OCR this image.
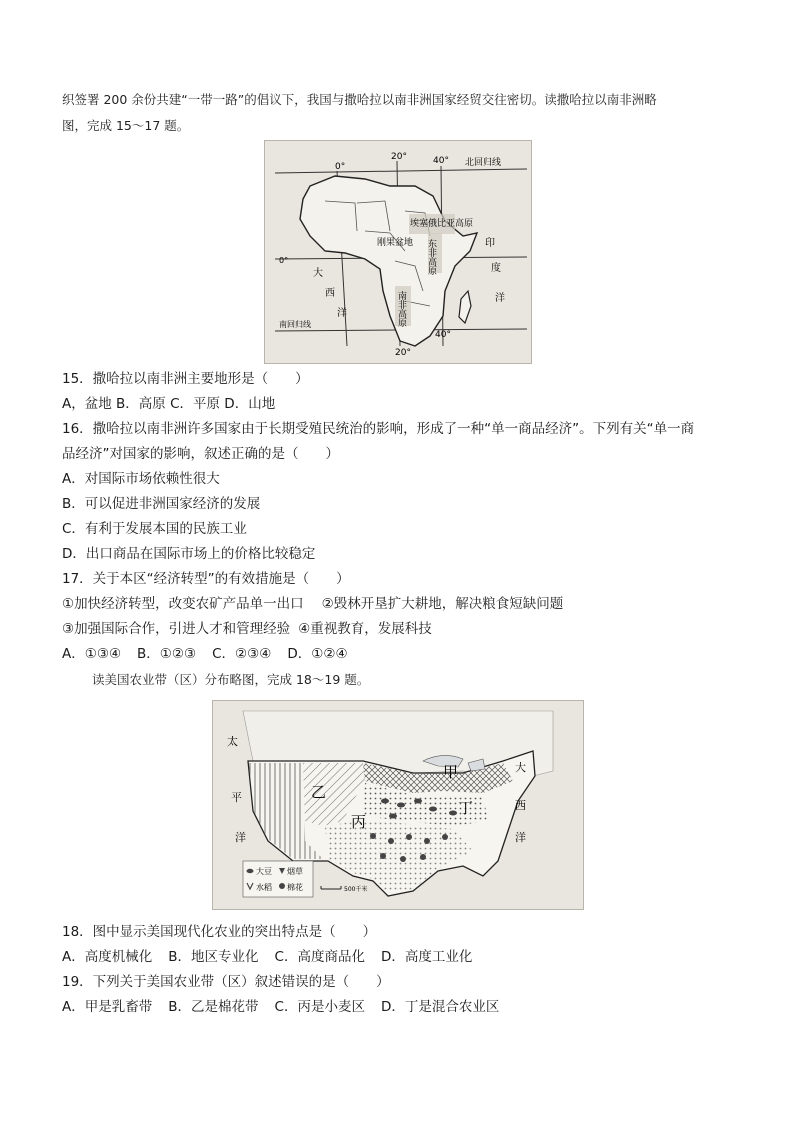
织签署 200 余份共建“一带一路”的倡议下，我国与撒哈拉以南非洲国家经贸交往密切。读撒哈拉以南非洲略
图，完成 15～17 题。
0°
20°	40° 北回归线
0°
埃塞俄比亚高原
刚果盆地 东非高原
南非高原
大
西
洋
印
度
洋
南回归线
20°
40°
15．撒哈拉以南非洲主要地形是（　　）
A，盆地 B．高原 C．平原 D．山地
16．撒哈拉以南非洲许多国家由于长期受殖民统治的影响，形成了一种“单一商品经济”。下列有关“单一商
品经济”对国家的影响，叙述正确的是（　　）
A．对国际市场依赖性很大
B．可以促进非洲国家经济的发展
C．有利于发展本国的民族工业
D．出口商品在国际市场上的价格比较稳定
17．关于本区“经济转型”的有效措施是（　　）
①加快经济转型，改变农矿产品单一出口 ②毁林开垦扩大耕地，解决粮食短缺问题
③加强国际合作，引进人才和管理经验 ④重视教育，发展科技
A．①③④ B．①②③ C．②③④ D．①②④
读美国农业带（区）分布略图，完成 18～19 题。
乙
甲
丙
丁
太
平
洋
大
西
洋
大豆 烟草
水稻 棉花	500千米
18．图中显示美国现代化农业的突出特点是（　　）
A．高度机械化 B．地区专业化 C．高度商品化 D．高度工业化
19．下列关于美国农业带（区）叙述错误的是（　　）
A．甲是乳畜带 B．乙是棉花带 C．丙是小麦区 D．丁是混合农业区
